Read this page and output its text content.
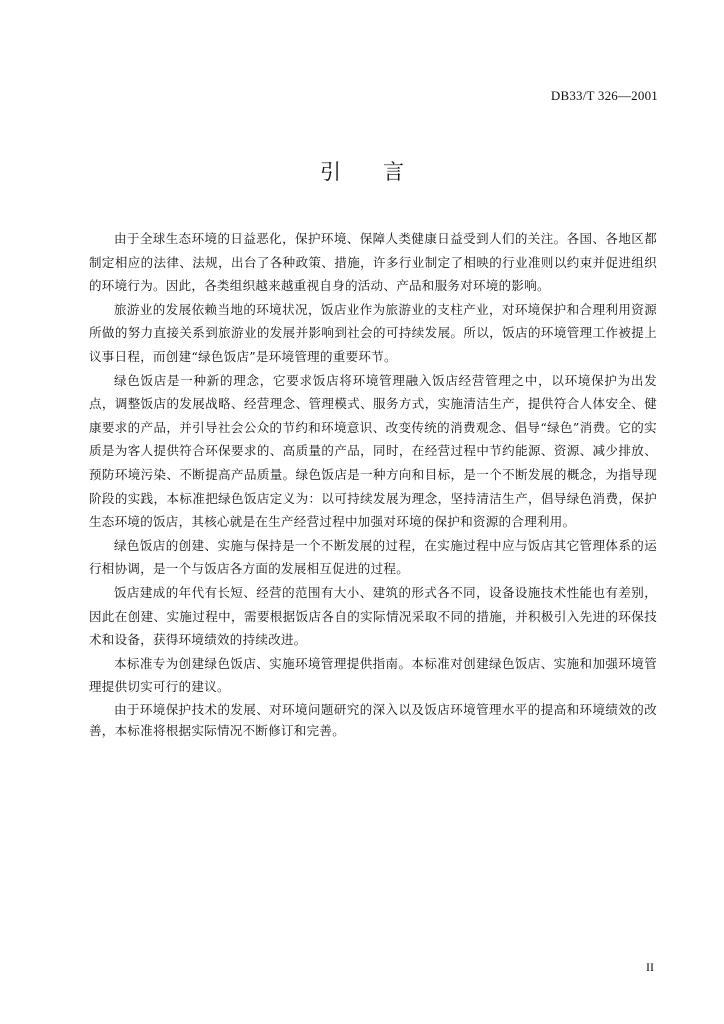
DB33/T 326—2001
引言

由于全球生态环境的日益恶化，保护环境、保障人类健康日益受到人们的关注。各国、各地区都制定相应的法律、法规，出台了各种政策、措施，许多行业制定了相映的行业准则以约束并促进组织的环境行为。因此，各类组织越来越重视自身的活动、产品和服务对环境的影响。

旅游业的发展依赖当地的环境状况，饭店业作为旅游业的支柱产业，对环境保护和合理利用资源所做的努力直接关系到旅游业的发展并影响到社会的可持续发展。所以，饭店的环境管理工作被提上议事日程，而创建“绿色饭店”是环境管理的重要环节。

绿色饭店是一种新的理念，它要求饭店将环境管理融入饭店经营管理之中，以环境保护为出发点，调整饭店的发展战略、经营理念、管理模式、服务方式，实施清洁生产，提供符合人体安全、健康要求的产品，并引导社会公众的节约和环境意识、改变传统的消费观念、倡导“绿色”消费。它的实质是为客人提供符合环保要求的、高质量的产品，同时，在经营过程中节约能源、资源、减少排放、预防环境污染、不断提高产品质量。绿色饭店是一种方向和目标，是一个不断发展的概念，为指导现阶段的实践，本标准把绿色饭店定义为：以可持续发展为理念，坚持清洁生产，倡导绿色消费，保护生态环境的饭店，其核心就是在生产经营过程中加强对环境的保护和资源的合理利用。

绿色饭店的创建、实施与保持是一个不断发展的过程，在实施过程中应与饭店其它管理体系的运行相协调，是一个与饭店各方面的发展相互促进的过程。

饭店建成的年代有长短、经营的范围有大小、建筑的形式各不同，设备设施技术性能也有差别，因此在创建、实施过程中，需要根据饭店各自的实际情况采取不同的措施，并积极引入先进的环保技术和设备，获得环境绩效的持续改进。

本标准专为创建绿色饭店、实施环境管理提供指南。本标准对创建绿色饭店、实施和加强环境管理提供切实可行的建议。

由于环境保护技术的发展、对环境问题研究的深入以及饭店环境管理水平的提高和环境绩效的改善，本标准将根据实际情况不断修订和完善。

II
